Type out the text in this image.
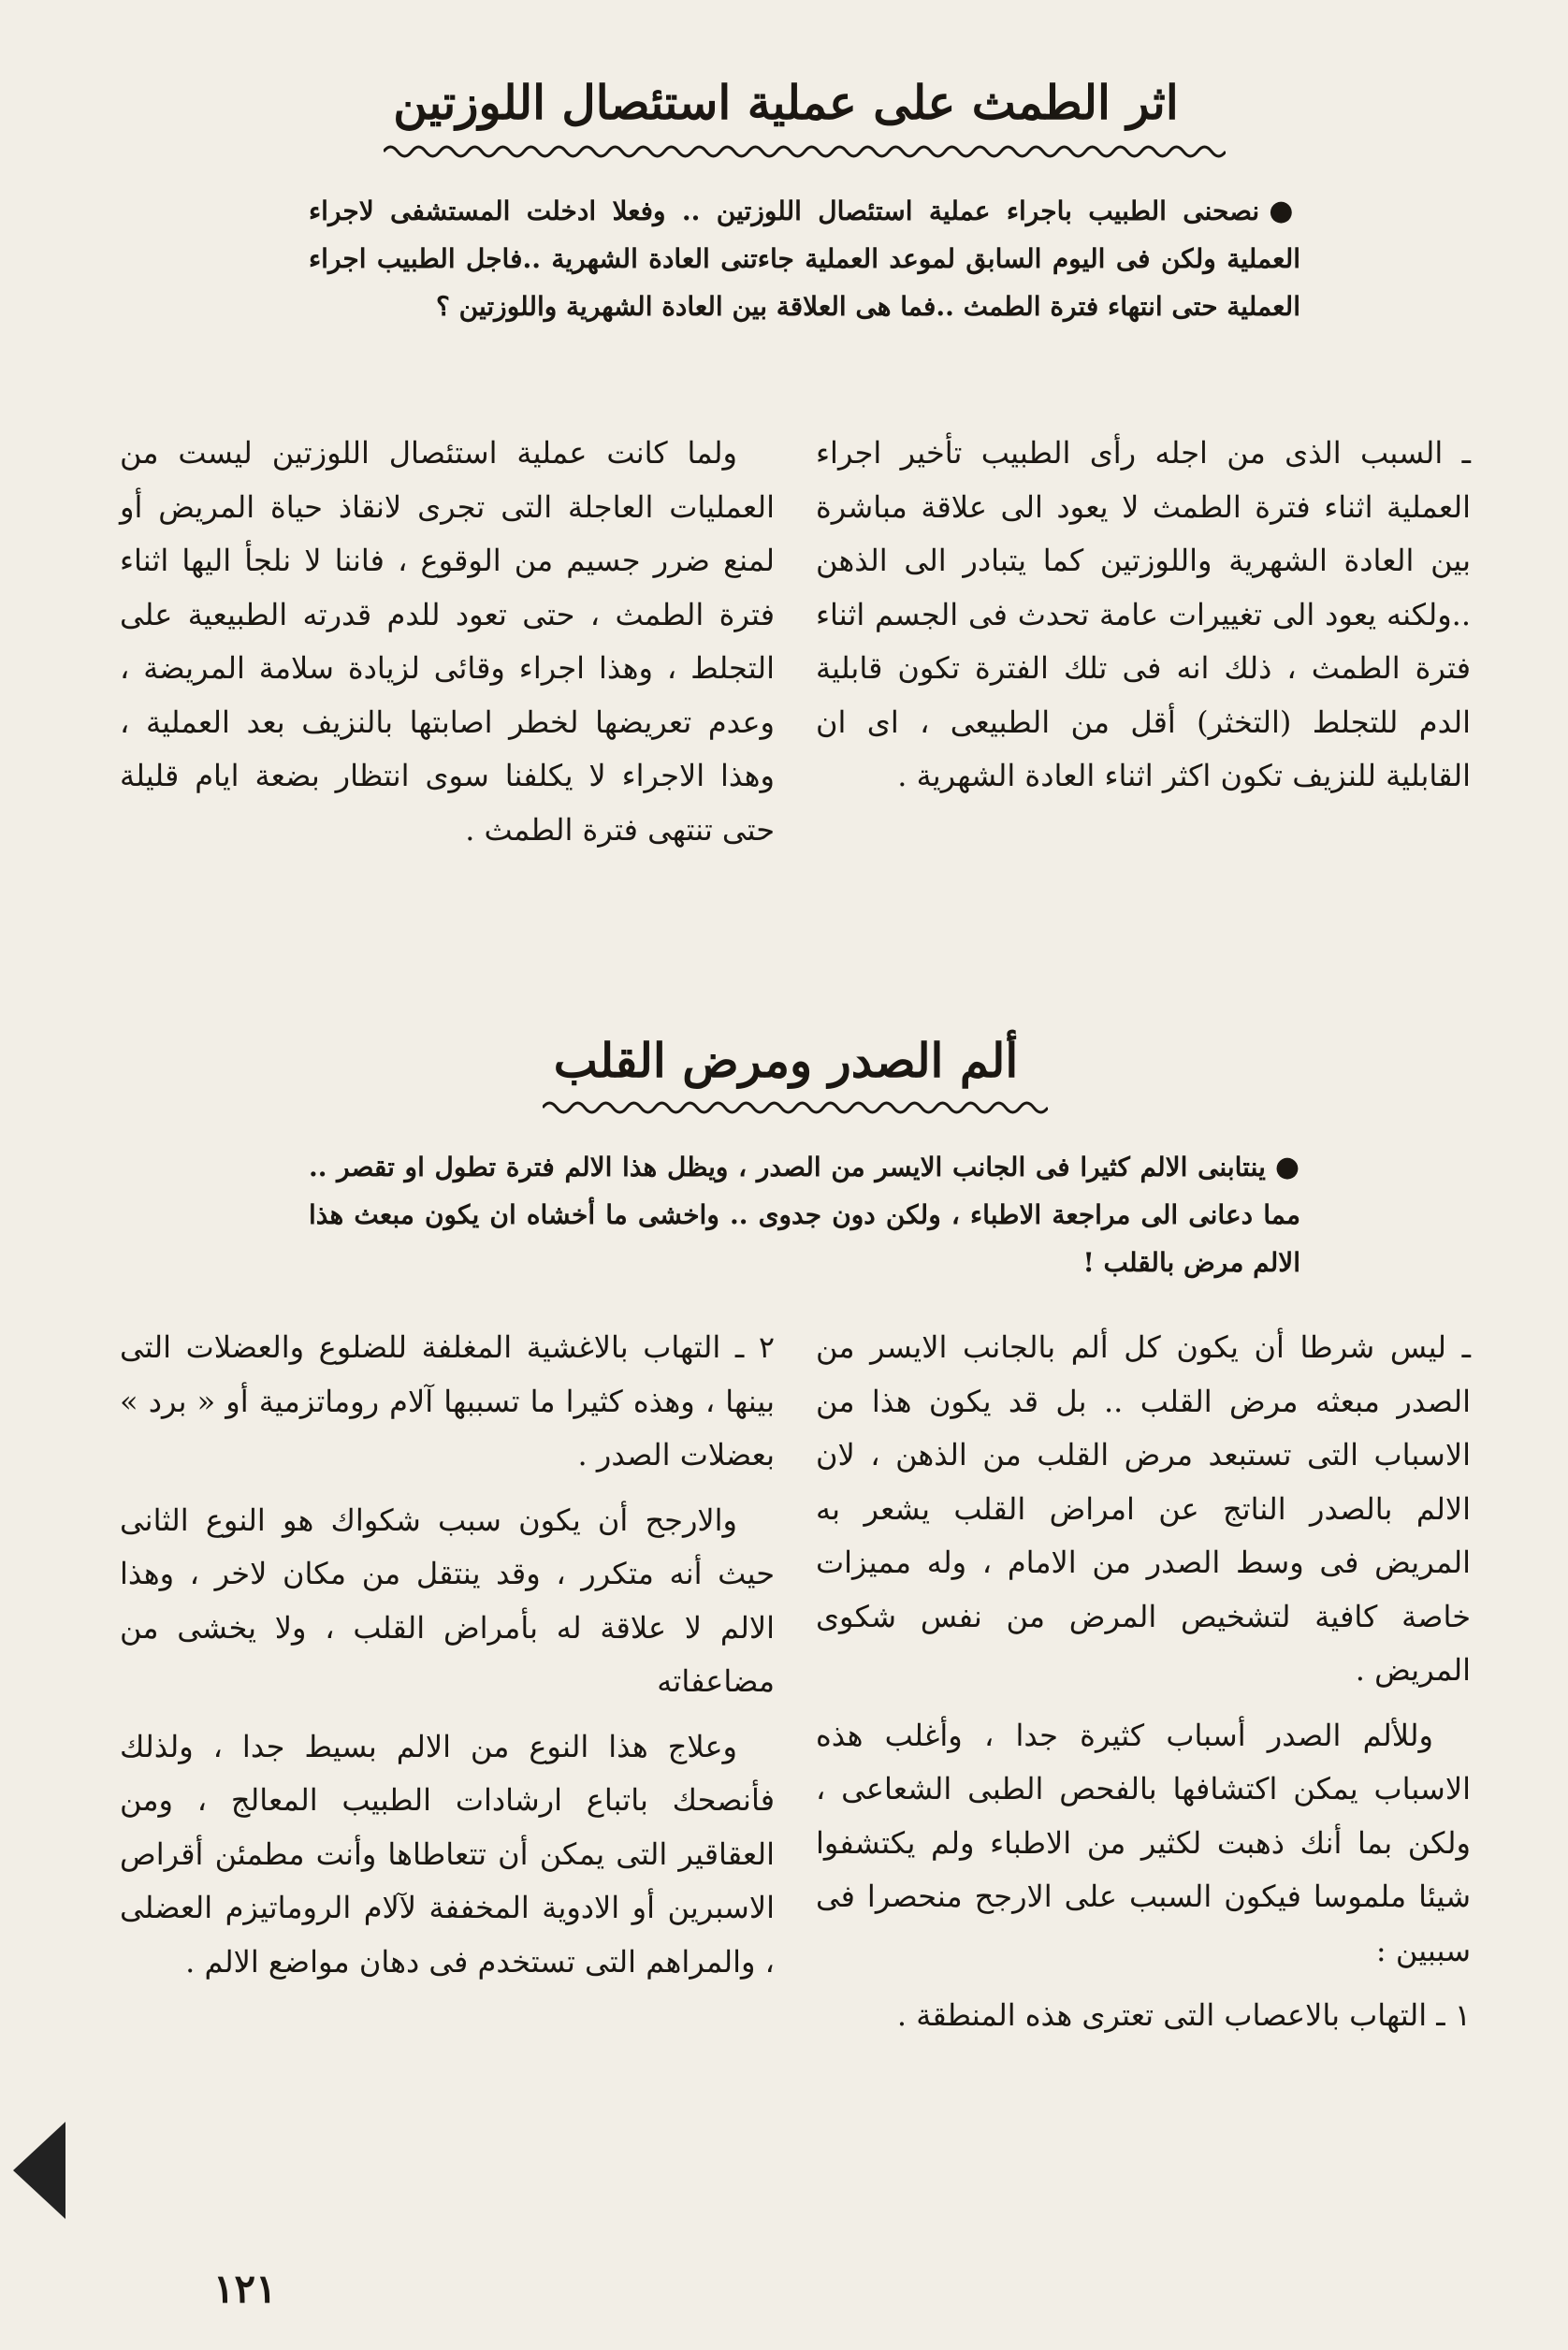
اثر الطمث على عملية استئصال اللوزتين

●نصحنى الطبيب باجراء عملية استئصال اللوزتين .. وفعلا ادخلت المستشفى لاجراء العملية ولكن فى اليوم السابق لموعد العملية جاءتنى العادة الشهرية ..فاجل الطبيب اجراء العملية حتى انتهاء فترة الطمث ..فما هى العلاقة بين العادة الشهرية واللوزتين ؟

ـ السبب الذى من اجله رأى الطبيب تأخير اجراء العملية اثناء فترة الطمث لا يعود الى علاقة مباشرة بين العادة الشهرية واللوزتين كما يتبادر الى الذهن ..ولكنه يعود الى تغييرات عامة تحدث فى الجسم اثناء فترة الطمث ، ذلك انه فى تلك الفترة تكون قابلية الدم للتجلط (التخثر) أقل من الطبيعى ، اى ان القابلية للنزيف تكون اكثر اثناء العادة الشهرية .

ولما كانت عملية استئصال اللوزتين ليست من العمليات العاجلة التى تجرى لانقاذ حياة المريض أو لمنع ضرر جسيم من الوقوع ، فاننا لا نلجأ اليها اثناء فترة الطمث ، حتى تعود للدم قدرته الطبيعية على التجلط ، وهذا اجراء وقائى لزيادة سلامة المريضة ، وعدم تعريضها لخطر اصابتها بالنزيف بعد العملية ، وهذا الاجراء لا يكلفنا سوى انتظار بضعة ايام قليلة حتى تنتهى فترة الطمث .

ألم الصدر ومرض القلب

●ينتابنى الالم كثيرا فى الجانب الايسر من الصدر ، ويظل هذا الالم فترة تطول او تقصر .. مما دعانى الى مراجعة الاطباء ، ولكن دون جدوى .. واخشى ما أخشاه ان يكون مبعث هذا الالم مرض بالقلب !

ـ ليس شرطا أن يكون كل ألم بالجانب الايسر من الصدر مبعثه مرض القلب .. بل قد يكون هذا من الاسباب التى تستبعد مرض القلب من الذهن ، لان الالم بالصدر الناتج عن امراض القلب يشعر به المريض فى وسط الصدر من الامام ، وله مميزات خاصة كافية لتشخيص المرض من نفس شكوى المريض .

وللألم الصدر أسباب كثيرة جدا ، وأغلب هذه الاسباب يمكن اكتشافها بالفحص الطبى الشعاعى ، ولكن بما أنك ذهبت لكثير من الاطباء ولم يكتشفوا شيئا ملموسا فيكون السبب على الارجح منحصرا فى سببين :

١ ـ التهاب بالاعصاب التى تعترى هذه المنطقة .

٢ ـ التهاب بالاغشية المغلفة للضلوع والعضلات التى بينها ، وهذه كثيرا ما تسببها آلام روماتزمية أو « برد » بعضلات الصدر .

والارجح أن يكون سبب شكواك هو النوع الثانى حيث أنه متكرر ، وقد ينتقل من مكان لاخر ، وهذا الالم لا علاقة له بأمراض القلب ، ولا يخشى من مضاعفاته

وعلاج هذا النوع من الالم بسيط جدا ، ولذلك فأنصحك باتباع ارشادات الطبيب المعالج ، ومن العقاقير التى يمكن أن تتعاطاها وأنت مطمئن أقراص الاسبرين أو الادوية المخففة لآلام الروماتيزم العضلى ، والمراهم التى تستخدم فى دهان مواضع الالم .

١٢١
